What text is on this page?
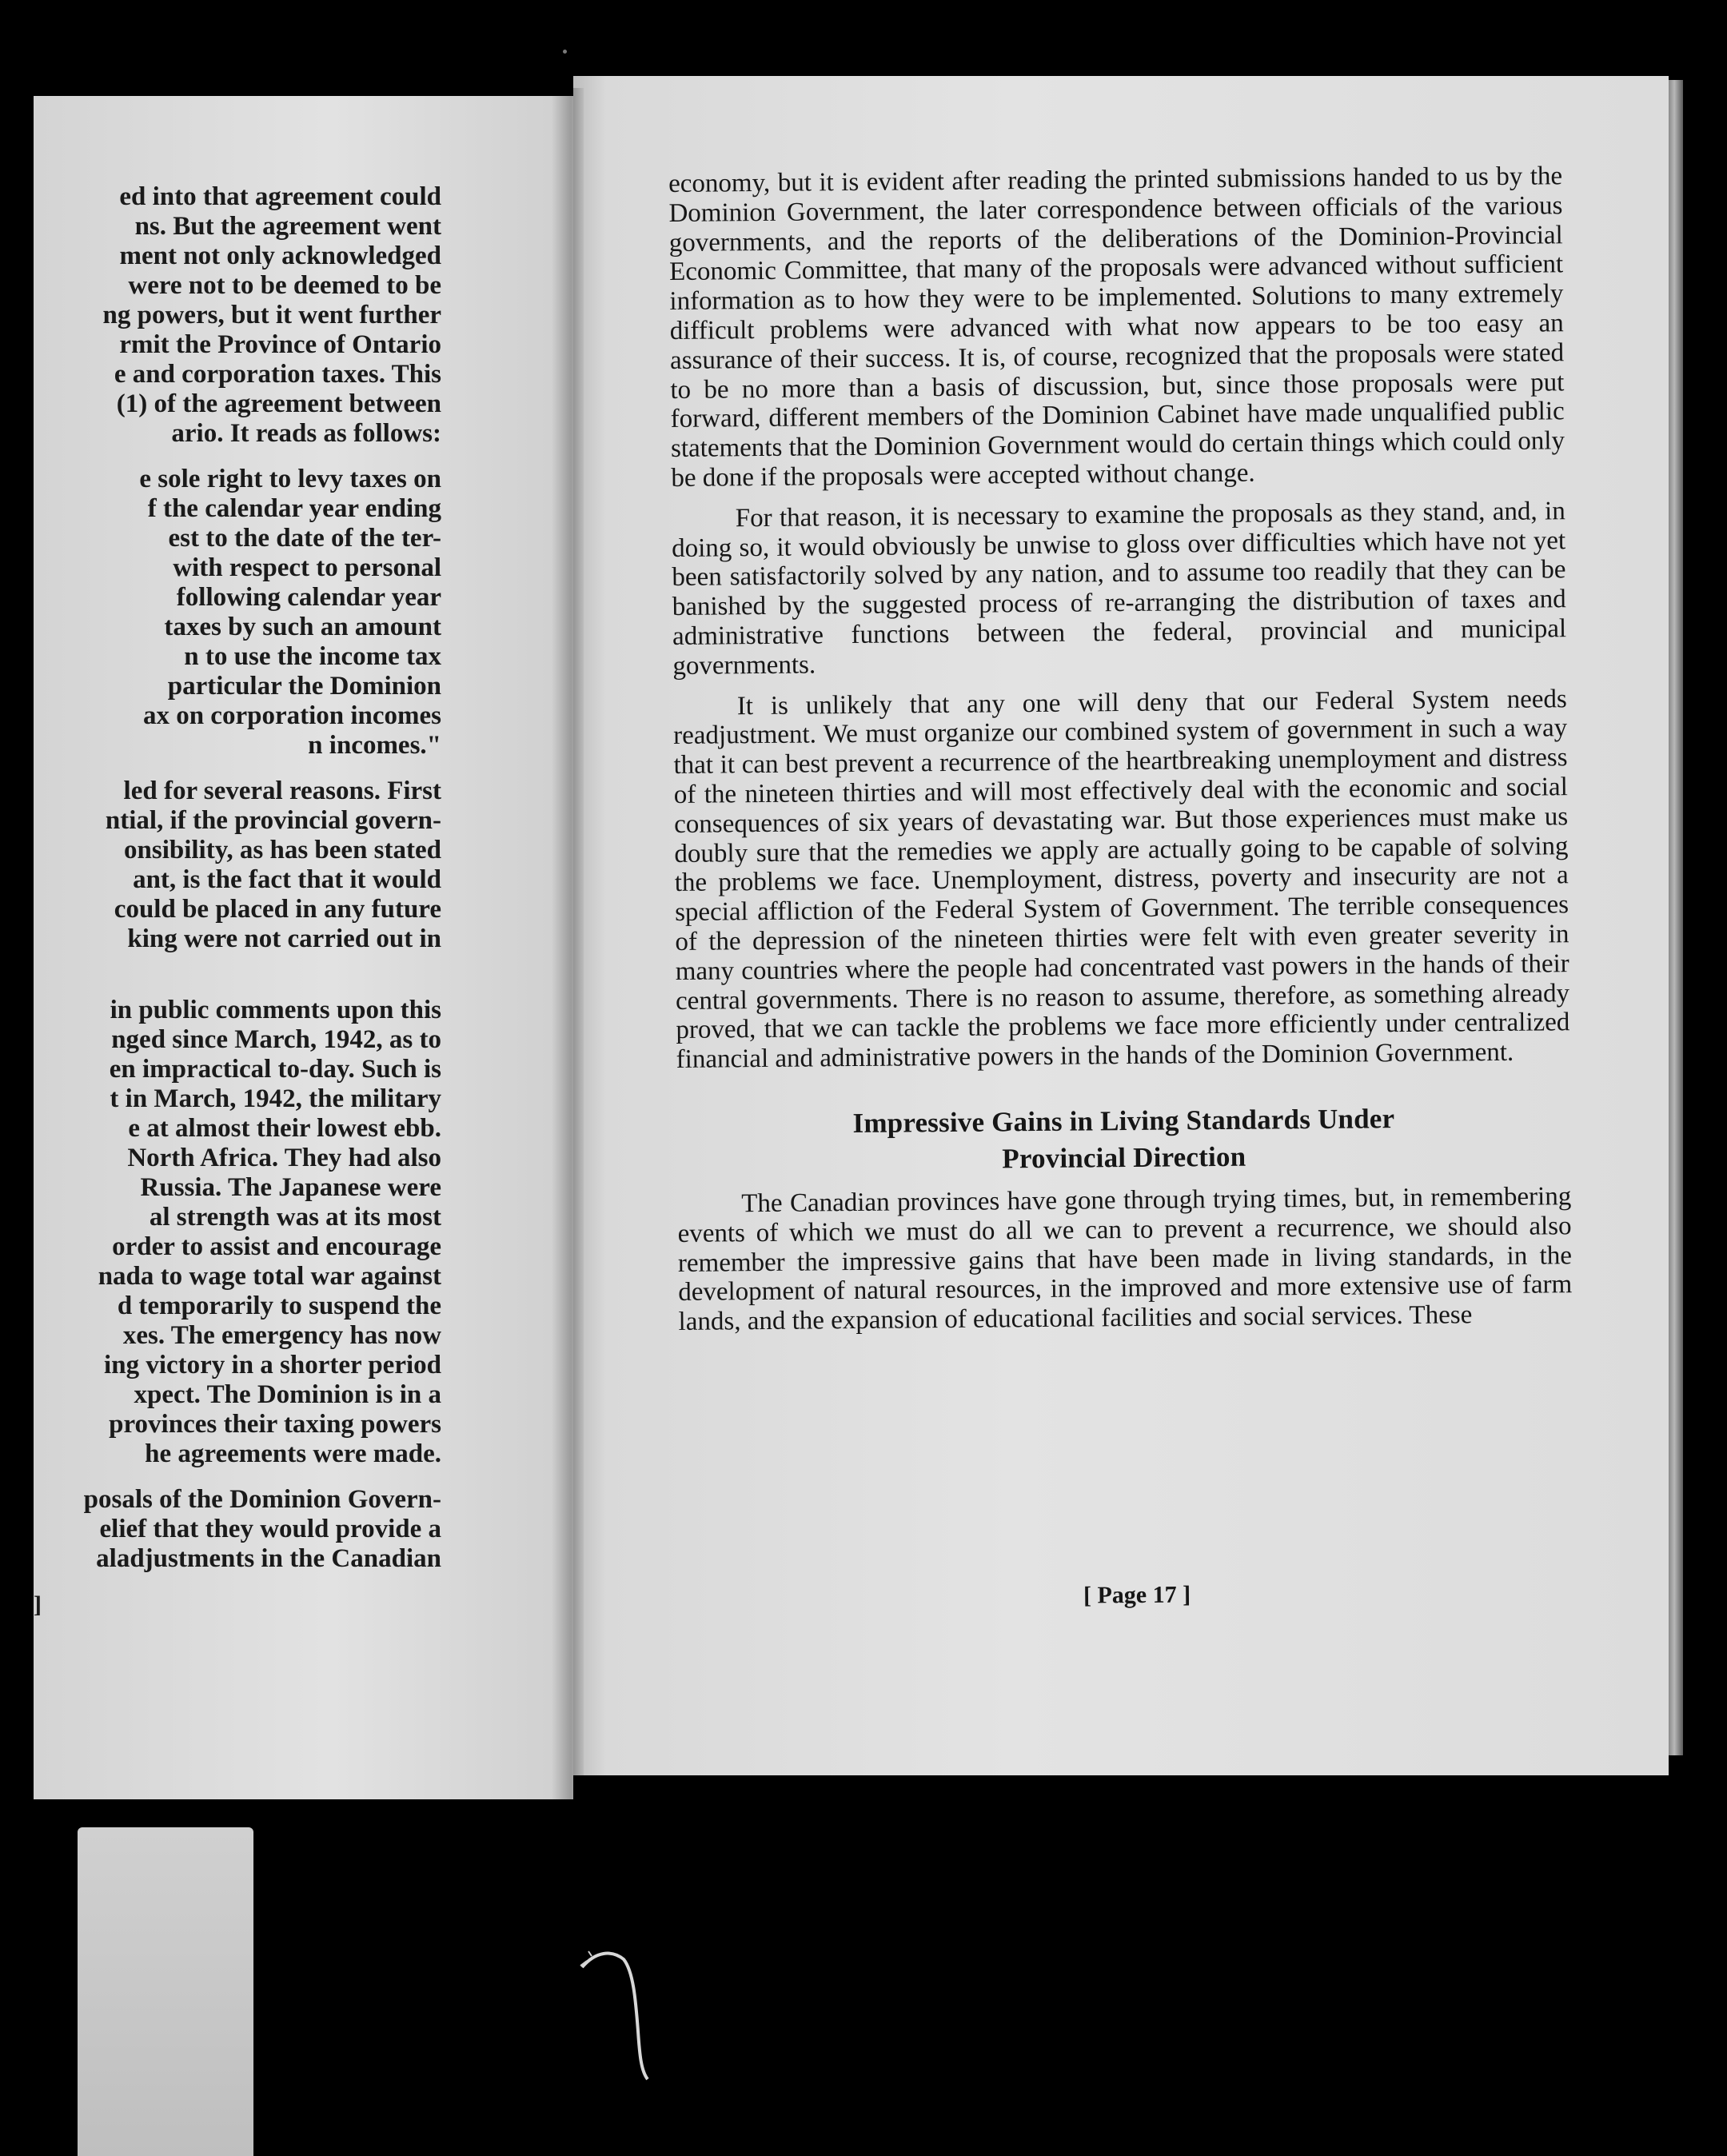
ed into that agreement could
ns. But the agreement went
ment not only acknowledged
were not to be deemed to be
ng powers, but it went further
rmit the Province of Ontario
e and corporation taxes. This
(1) of the agreement between
ario. It reads as follows:
e sole right to levy taxes on
f the calendar year ending
est to the date of the ter-
with respect to personal
following calendar year
taxes by such an amount
n to use the income tax
particular the Dominion
ax on corporation incomes
n incomes."
led for several reasons. First
ntial, if the provincial govern-
onsibility, as has been stated
ant, is the fact that it would
could be placed in any future
king were not carried out in
in public comments upon this
nged since March, 1942, as to
en impractical to-day. Such is
t in March, 1942, the military
e at almost their lowest ebb.
North Africa. They had also
Russia. The Japanese were
al strength was at its most
order to assist and encourage
nada to wage total war against
d temporarily to suspend the
xes. The emergency has now
ing victory in a shorter period
xpect. The Dominion is in a
provinces their taxing powers
he agreements were made.
posals of the Dominion Govern-
elief that they would provide a
aladjustments in the Canadian
]

economy, but it is evident after reading the printed submissions handed to us by the Dominion Government, the later correspondence between officials of the various governments, and the reports of the deliberations of the Dominion-Provincial Economic Committee, that many of the proposals were advanced without sufficient information as to how they were to be implemented. Solutions to many extremely difficult problems were advanced with what now appears to be too easy an assurance of their success. It is, of course, recognized that the proposals were stated to be no more than a basis of discussion, but, since those proposals were put forward, different members of the Dominion Cabinet have made unqualified public statements that the Dominion Government would do certain things which could only be done if the proposals were accepted without change.

For that reason, it is necessary to examine the proposals as they stand, and, in doing so, it would obviously be unwise to gloss over difficulties which have not yet been satisfactorily solved by any nation, and to assume too readily that they can be banished by the suggested process of re-arranging the distribution of taxes and administrative functions between the federal, provincial and municipal governments.

It is unlikely that any one will deny that our Federal System needs readjustment. We must organize our combined system of government in such a way that it can best prevent a recurrence of the heartbreaking unemployment and distress of the nineteen thirties and will most effectively deal with the economic and social consequences of six years of devastating war. But those experiences must make us doubly sure that the remedies we apply are actually going to be capable of solving the problems we face. Unemployment, distress, poverty and insecurity are not a special affliction of the Federal System of Government. The terrible consequences of the depression of the nineteen thirties were felt with even greater severity in many countries where the people had concentrated vast powers in the hands of their central governments. There is no reason to assume, therefore, as something already proved, that we can tackle the problems we face more efficiently under centralized financial and administrative powers in the hands of the Dominion Government.

Impressive Gains in Living Standards Under
Provincial Direction

The Canadian provinces have gone through trying times, but, in remembering events of which we must do all we can to prevent a recurrence, we should also remember the impressive gains that have been made in living standards, in the development of natural resources, in the improved and more extensive use of farm lands, and the expansion of educational facilities and social services. These

[ Page 17 ]
